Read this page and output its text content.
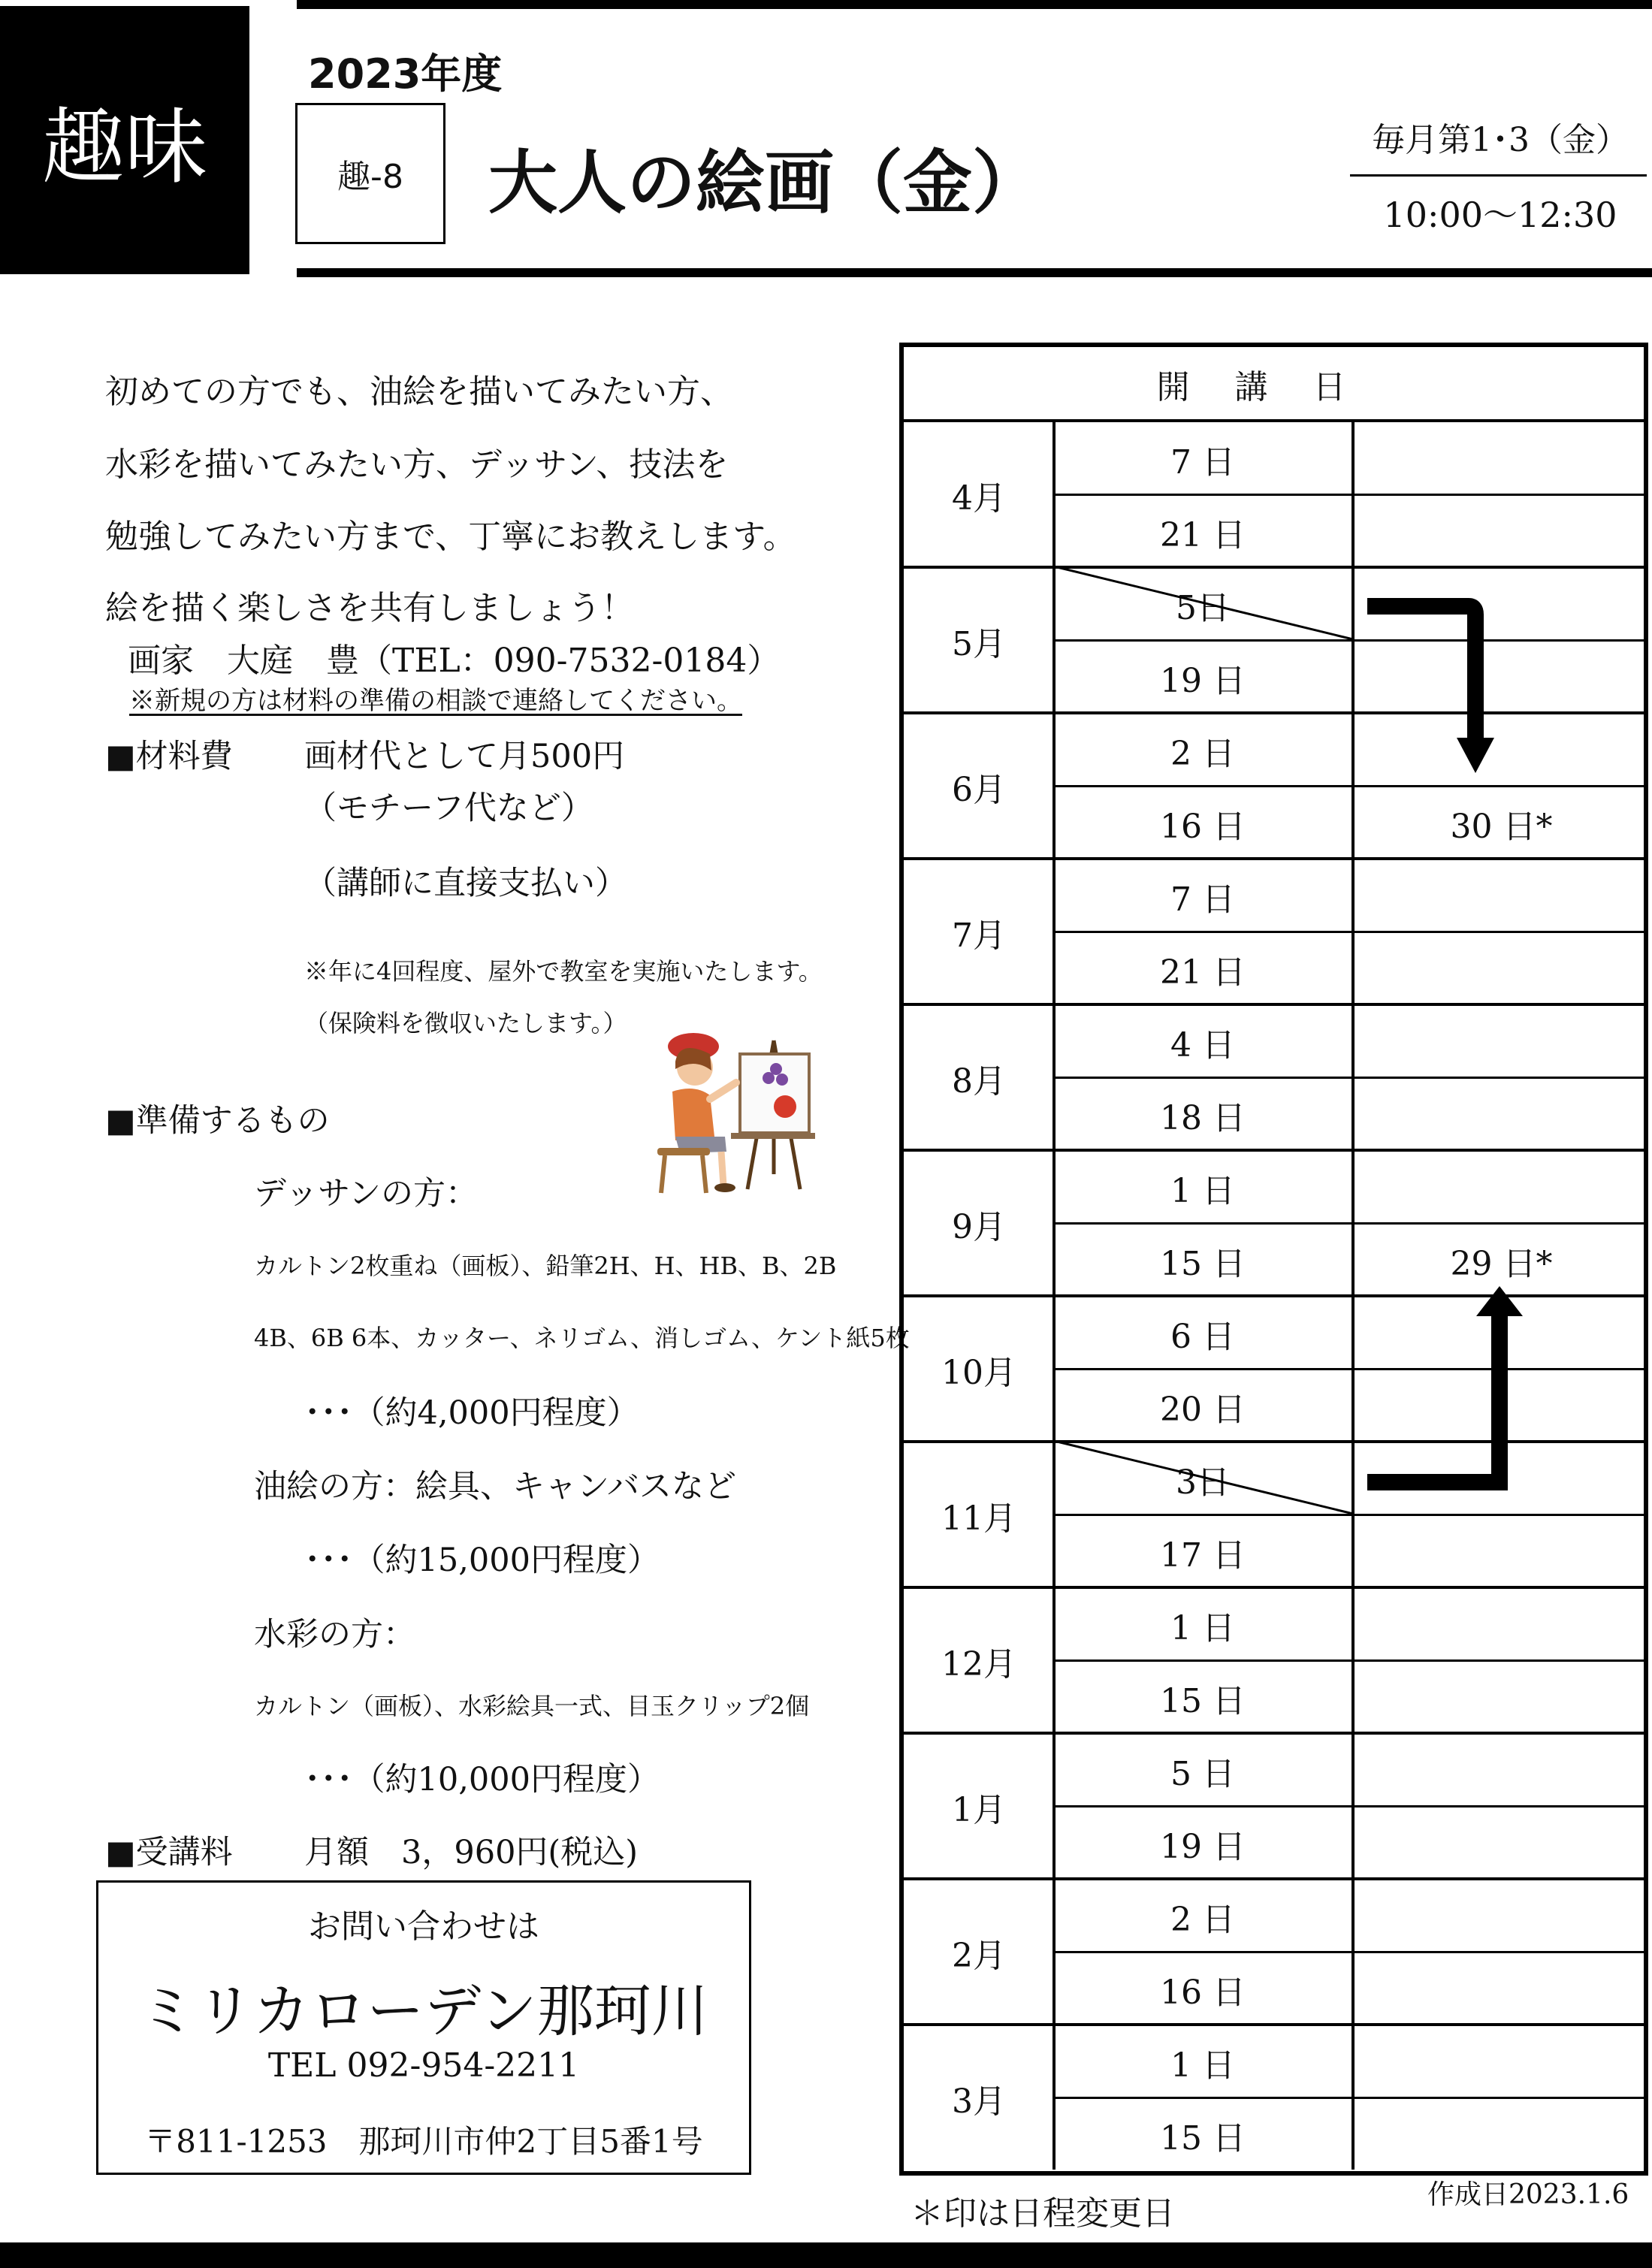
趣味
2023年度
趣-8	大人の絵画（金）
毎月第1･3（金）
10:00～12:30
初めての方でも、油絵を描いてみたい方、
水彩を描いてみたい方、デッサン、技法を
勉強してみたい方まで、丁寧にお教えします。
絵を描く楽しさを共有しましょう！
画家　大庭　豊（TEL：090-7532-0184）
※新規の方は材料の準備の相談で連絡してください。
■材料費 画材代として月500円
（モチーフ代など）
（講師に直接支払い）
※年に4回程度、屋外で教室を実施いたします。
（保険料を徴収いたします。）
■準備するもの
デッサンの方：
カルトン2枚重ね（画板）、鉛筆2H、H、HB、B、2B
4B、6B 6本、カッター、ネリゴム、消しゴム、ケント紙5枚
･･･（約4,000円程度）
油絵の方：絵具、キャンバスなど
･･･（約15,000円程度）
水彩の方：
カルトン（画板）、水彩絵具一式、目玉クリップ2個
･･･（約10,000円程度）
■受講料 月額　3，960円(税込)
お問い合わせは
ミリカローデン那珂川
TEL 092-954-2211
〒811-1253　那珂川市仲2丁目5番1号
開講日
4月
7 日
21 日
5月
5日
19 日
6月
2 日
16 日
7月
7 日
21 日
8月
4 日
18 日
9月
1 日
15 日
10月
6 日
20 日
11月
3日
17 日
12月
1 日
15 日
1月
5 日
19 日
2月
2 日
16 日
3月
1 日
15 日
30 日*
29 日*
＊印は日程変更日	作成日2023.1.6
